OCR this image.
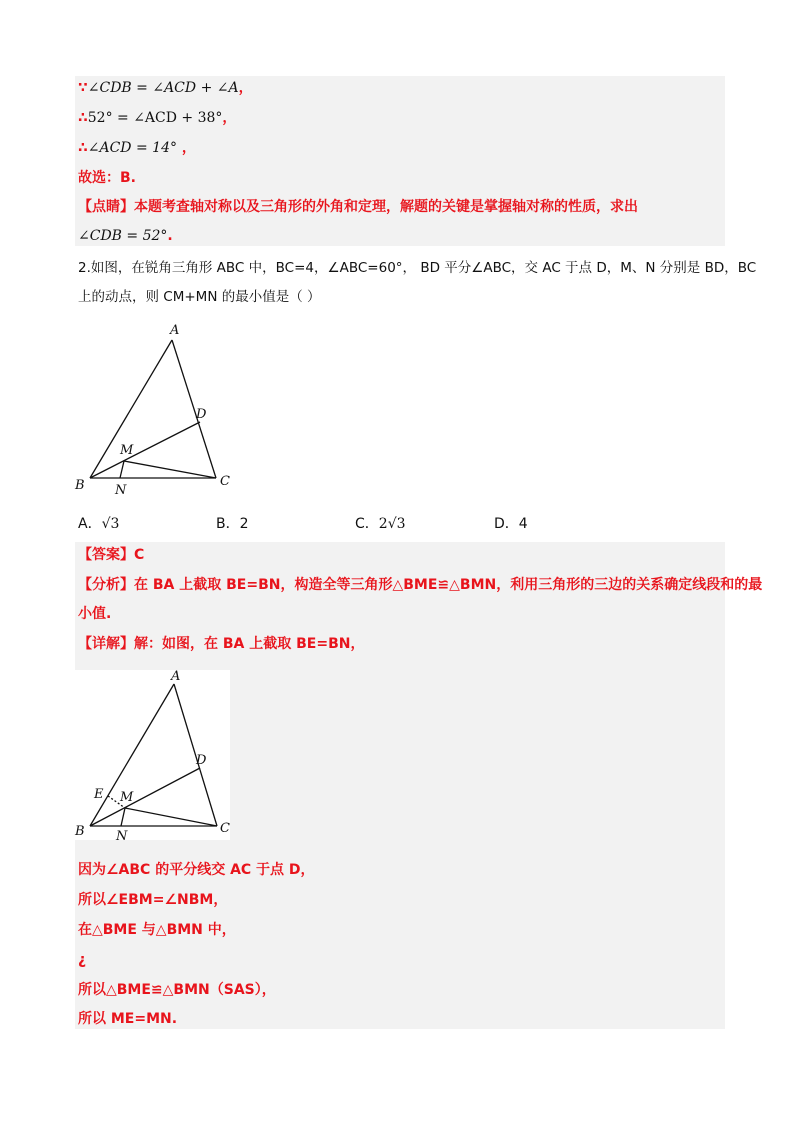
∵∠CDB = ∠ACD + ∠A，
∴52° = ∠ACD + 38°，
∴∠ACD = 14° ，
故选：B.
【点睛】本题考查轴对称以及三角形的外角和定理，解题的关键是掌握轴对称的性质，求出
∠CDB = 52°.
2.如图，在锐角三角形 ABC 中，BC=4，∠ABC=60°， BD 平分∠ABC，交 AC 于点 D，M、N 分别是 BD，BC
上的动点，则 CM+MN 的最小值是（ ）
A
D
M
B N
C
A．√3	B．2	C．2√3	D．4
【答案】C
【分析】在 BA 上截取 BE=BN，构造全等三角形△BME≌△BMN，利用三角形的三边的关系确定线段和的最
小值.
【详解】解：如图，在 BA 上截取 BE=BN，
A
D
E M
B N
C
因为∠ABC 的平分线交 AC 于点 D，
所以∠EBM=∠NBM，
在△BME 与△BMN 中，
¿
所以△BME≌△BMN（SAS），
所以 ME=MN.
